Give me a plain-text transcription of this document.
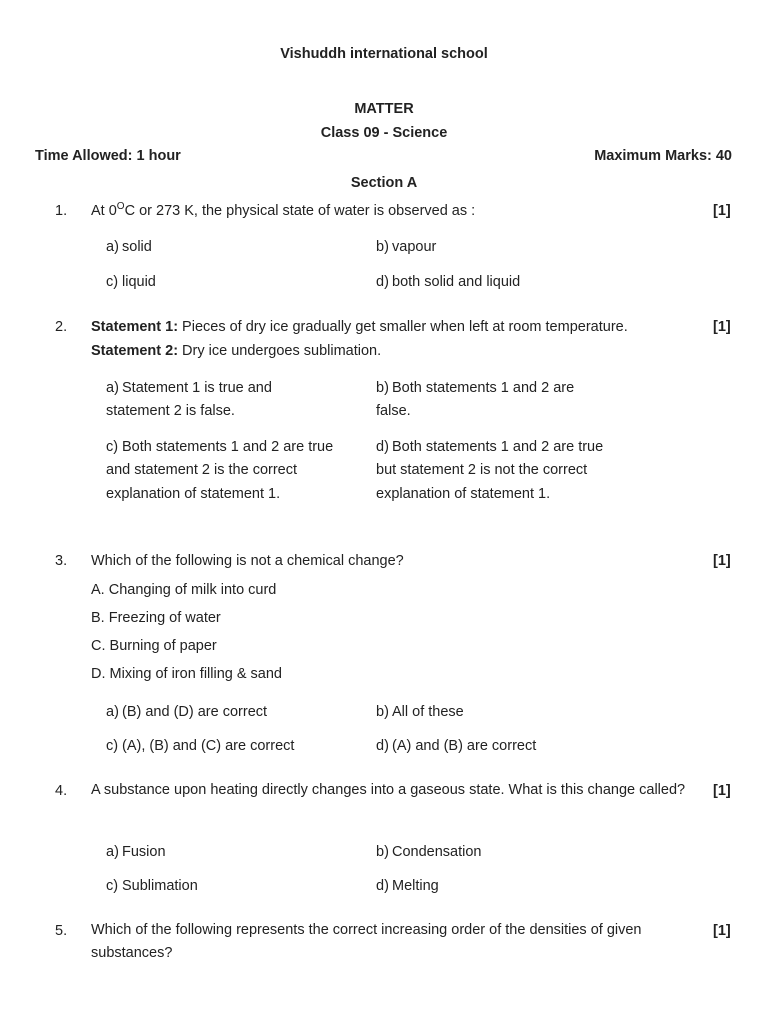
Vishuddh international school
MATTER
Class 09 - Science
Time Allowed: 1 hour	Maximum Marks: 40
Section A
1.	At $0^OC$ or 273 K, the physical state of water is observed as :	[1]
a) solid	b) vapour
c) liquid	d) both solid and liquid
2.	Statement 1: Pieces of dry ice gradually get smaller when left at room temperature.
Statement 2: Dry ice undergoes sublimation.
[1]
a) Statement 1 is true and statement 2 is false.
b) Both statements 1 and 2 are false.
c) Both statements 1 and 2 are true and statement 2 is the correct explanation of statement 1.
d) Both statements 1 and 2 are true but statement 2 is not the correct explanation of statement 1.
3.	Which of the following is not a chemical change?	[1]
A. Changing of milk into curd
B. Freezing of water
C. Burning of paper
D. Mixing of iron filling & sand
a) (B) and (D) are correct	b) All of these
c) (A), (B) and (C) are correct	d) (A) and (B) are correct
4.	A substance upon heating directly changes into a gaseous state. What is this change called?	[1]
a) Fusion	b) Condensation
c) Sublimation	d) Melting
5.	Which of the following represents the correct increasing order of the densities of given substances?
[1]
